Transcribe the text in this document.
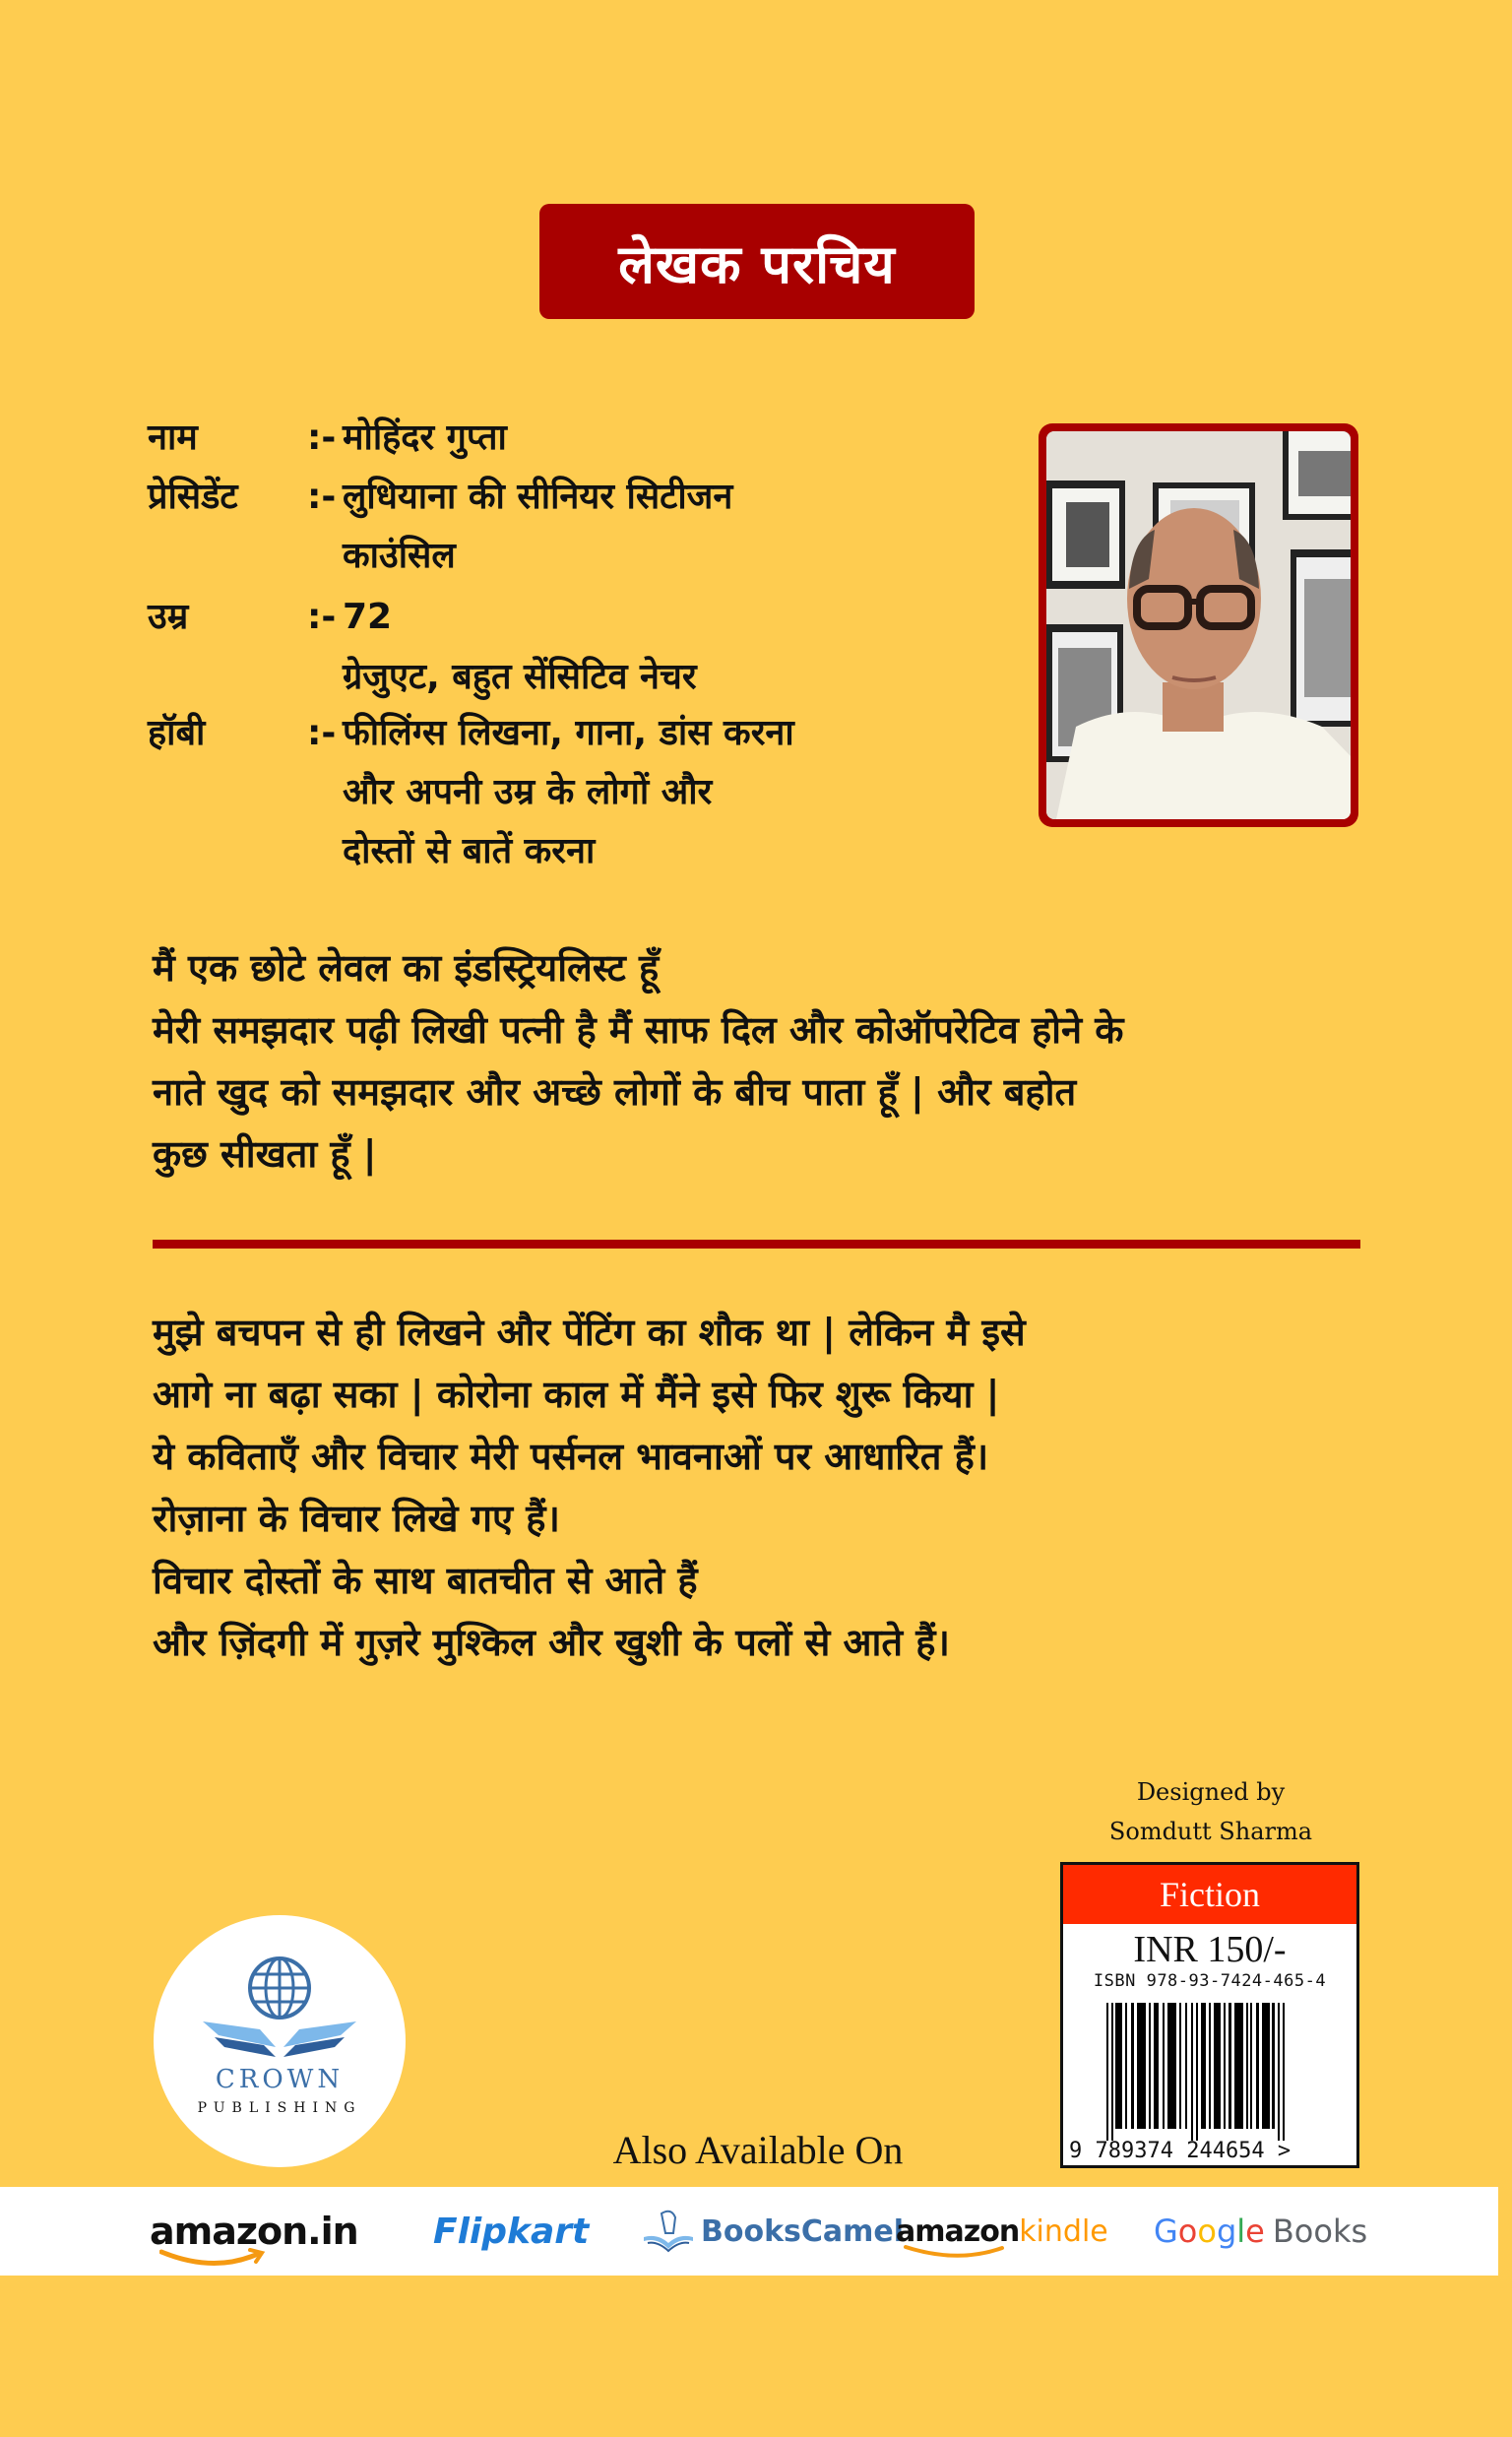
लेखक परचिय
नाम	:- मोहिंदर गुप्ता
प्रेसिडेंट :- लुधियाना की सीनियर सिटीजन
काउंसिल
उम्र	:- 72
ग्रेजुएट, बहुत सेंसिटिव नेचर
हॉबी	:- फीलिंग्स लिखना, गाना, डांस करना
और अपनी उम्र के लोगों और
दोस्तों से बातें करना
मैं एक छोटे लेवल का इंडस्ट्रियलिस्ट हूँ
मेरी समझदार पढ़ी लिखी पत्नी है मैं साफ दिल और कोऑपरेटिव होने के
नाते खुद को समझदार और अच्छे लोगों के बीच पाता हूँ | और बहोत
कुछ सीखता हूँ |
मुझे बचपन से ही लिखने और पेंटिंग का शौक था | लेकिन मै इसे
आगे ना बढ़ा सका | कोरोना काल में मैंने इसे फिर शुरू किया |
ये कविताएँ और विचार मेरी पर्सनल भावनाओं पर आधारित हैं।
रोज़ाना के विचार लिखे गए हैं।
विचार दोस्तों के साथ बातचीत से आते हैं
और ज़िंदगी में गुज़रे मुश्किल और खुशी के पलों से आते हैं।
Designed by
Somdutt Sharma
Fiction
INR 150/-
ISBN 978-93-7424-465-4
9 789374 244654 >
CROWN
PUBLISHING
Also Available On
amazon.in Flipkart	BooksCamel
amazon kindle Google Books
